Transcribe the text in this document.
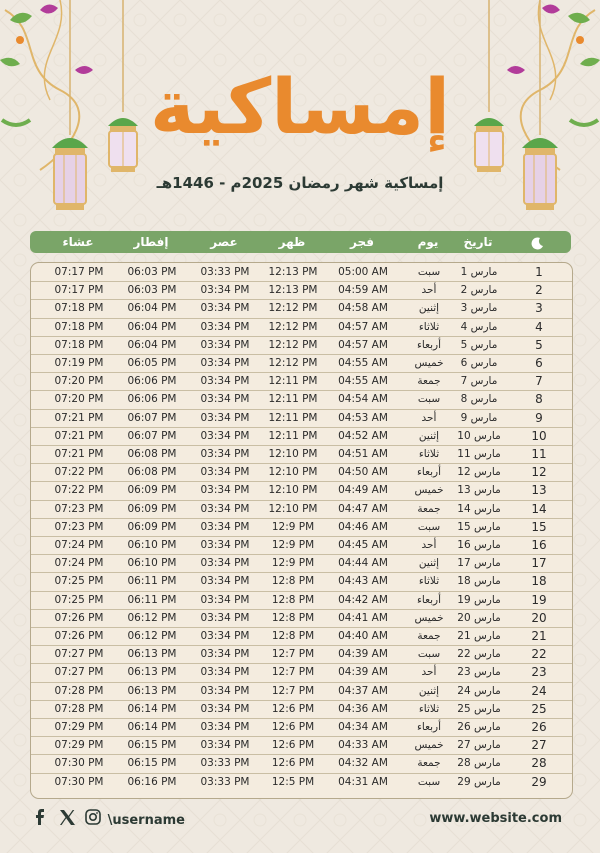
إمساكية
إمساكية شهر رمضان 2025م - 1446هـ
تاريخ
يوم
فجر
ظهر
عصر
إفطار
عشاء
1
1 مارس
سبت
05:00 AM
12:13 PM
03:33 PM
06:03 PM
07:17 PM
2
2 مارس
أحد
04:59 AM
12:13 PM
03:34 PM
06:03 PM
07:17 PM
3
3 مارس
إثنين
04:58 AM
12:12 PM
03:34 PM
06:04 PM
07:18 PM
4
4 مارس
ثلاثاء
04:57 AM
12:12 PM
03:34 PM
06:04 PM
07:18 PM
5
5 مارس
أربعاء
04:57 AM
12:12 PM
03:34 PM
06:04 PM
07:18 PM
6
6 مارس
خميس
04:55 AM
12:12 PM
03:34 PM
06:05 PM
07:19 PM
7
7 مارس
جمعة
04:55 AM
12:11 PM
03:34 PM
06:06 PM
07:20 PM
8
8 مارس
سبت
04:54 AM
12:11 PM
03:34 PM
06:06 PM
07:20 PM
9
9 مارس
أحد
04:53 AM
12:11 PM
03:34 PM
06:07 PM
07:21 PM
10
10 مارس
إثنين
04:52 AM
12:11 PM
03:34 PM
06:07 PM
07:21 PM
11
11 مارس
ثلاثاء
04:51 AM
12:10 PM
03:34 PM
06:08 PM
07:21 PM
12
12 مارس
أربعاء
04:50 AM
12:10 PM
03:34 PM
06:08 PM
07:22 PM
13
13 مارس
خميس
04:49 AM
12:10 PM
03:34 PM
06:09 PM
07:22 PM
14
14 مارس
جمعة
04:47 AM
12:10 PM
03:34 PM
06:09 PM
07:23 PM
15
15 مارس
سبت
04:46 AM
12:9 PM
03:34 PM
06:09 PM
07:23 PM
16
16 مارس
أحد
04:45 AM
12:9 PM
03:34 PM
06:10 PM
07:24 PM
17
17 مارس
إثنين
04:44 AM
12:9 PM
03:34 PM
06:10 PM
07:24 PM
18
18 مارس
ثلاثاء
04:43 AM
12:8 PM
03:34 PM
06:11 PM
07:25 PM
19
19 مارس
أربعاء
04:42 AM
12:8 PM
03:34 PM
06:11 PM
07:25 PM
20
20 مارس
خميس
04:41 AM
12:8 PM
03:34 PM
06:12 PM
07:26 PM
21
21 مارس
جمعة
04:40 AM
12:8 PM
03:34 PM
06:12 PM
07:26 PM
22
22 مارس
سبت
04:39 AM
12:7 PM
03:34 PM
06:13 PM
07:27 PM
23
23 مارس
أحد
04:39 AM
12:7 PM
03:34 PM
06:13 PM
07:27 PM
24
24 مارس
إثنين
04:37 AM
12:7 PM
03:34 PM
06:13 PM
07:28 PM
25
25 مارس
ثلاثاء
04:36 AM
12:6 PM
03:34 PM
06:14 PM
07:28 PM
26
26 مارس
أربعاء
04:34 AM
12:6 PM
03:34 PM
06:14 PM
07:29 PM
27
27 مارس
خميس
04:33 AM
12:6 PM
03:34 PM
06:15 PM
07:29 PM
28
28 مارس
جمعة
04:32 AM
12:6 PM
03:33 PM
06:15 PM
07:30 PM
29
29 مارس
سبت
04:31 AM
12:5 PM
03:33 PM
06:16 PM
07:30 PM
\username	www.website.com
